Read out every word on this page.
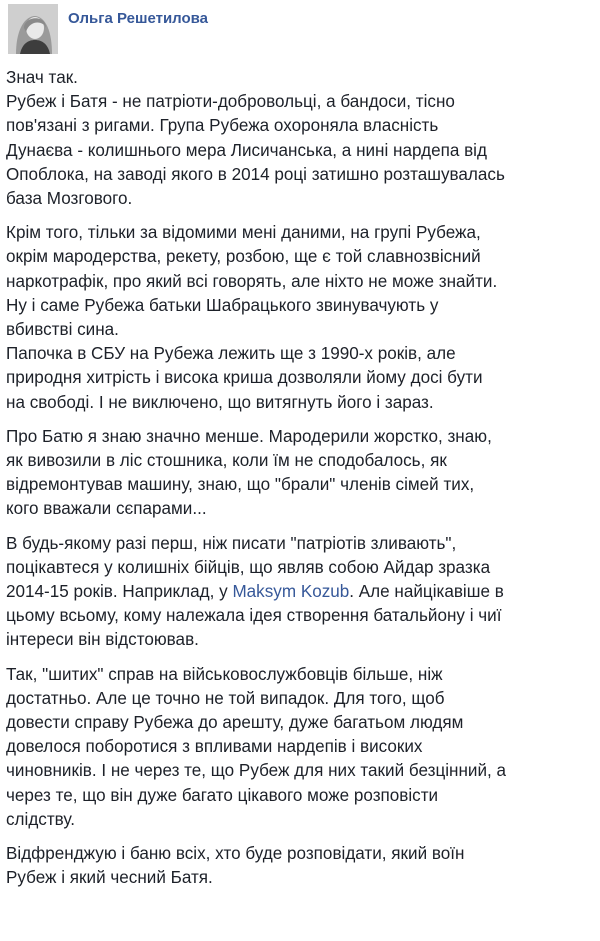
Ольга Решетилова

Знач так.
Рубеж і Батя - не патріоти-добровольці, а бандоси, тісно
пов'язані з ригами. Група Рубежа охороняла власність
Дунаєва - колишнього мера Лисичанська, а нині нардепа від
Опоблока, на заводі якого в 2014 році затишно розташувалась
база Мозгового.

Крім того, тільки за відомими мені даними, на групі Рубежа,
окрім мародерства, рекету, розбою, ще є той славнозвісний
наркотрафік, про який всі говорять, але ніхто не може знайти.
Ну і саме Рубежа батьки Шабрацького звинувачують у
вбивстві сина.
Папочка в СБУ на Рубежа лежить ще з 1990-х років, але
природня хитрість і висока криша дозволяли йому досі бути
на свободі. І не виключено, що витягнуть його і зараз.

Про Батю я знаю значно менше. Мародерили жорстко, знаю,
як вивозили в ліс стошника, коли їм не сподобалось, як
відремонтував машину, знаю, що "брали" членів сімей тих,
кого вважали сєпарами...

В будь-якому разі перш, ніж писати "патріотів зливають",
поцікавтеся у колишніх бійців, що являв собою Айдар зразка
2014-15 років. Наприклад, у Maksym Kozub. Але найцікавіше в
цьому всьому, кому належала ідея створення батальйону і чиї
інтереси він відстоював.

Так, "шитих" справ на військовослужбовців більше, ніж
достатньо. Але це точно не той випадок. Для того, щоб
довести справу Рубежа до арешту, дуже багатьом людям
довелося поборотися з впливами нардепів і високих
чиновників. І не через те, що Рубеж для них такий безцінний, а
через те, що він дуже багато цікавого може розповісти
слідству.

Відфренджую і баню всіх, хто буде розповідати, який воїн
Рубеж і який чесний Батя.
